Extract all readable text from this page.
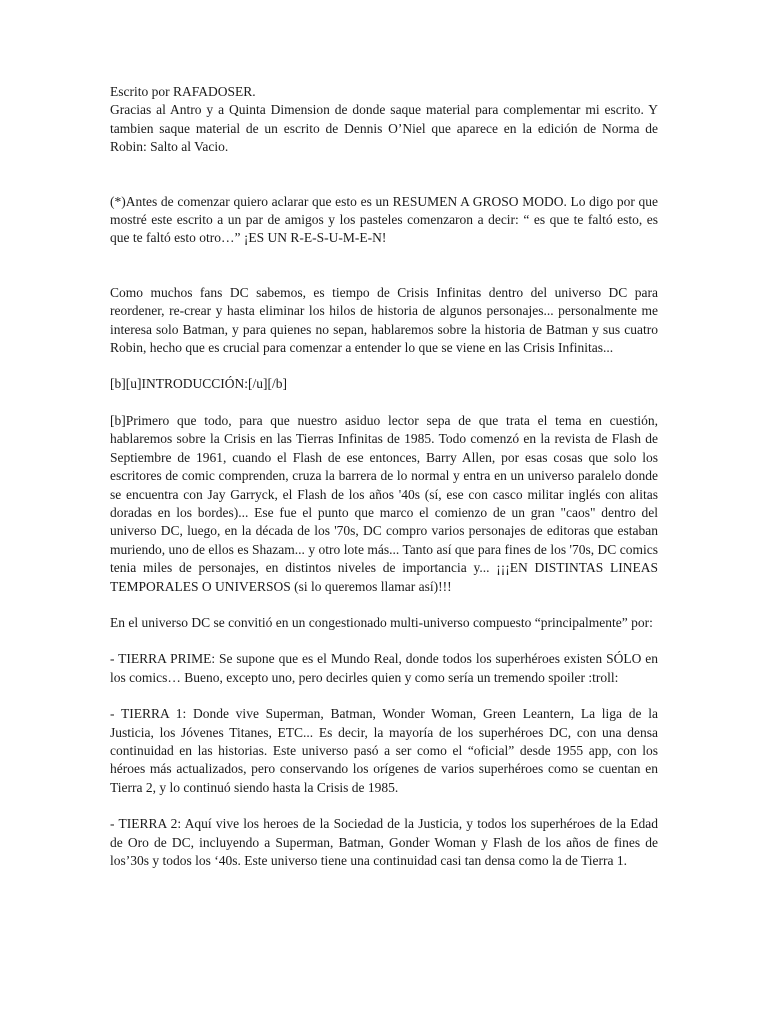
Escrito por RAFADOSER.

Gracias al Antro y a Quinta Dimension de donde saque material para complementar mi escrito. Y tambien saque material de un escrito de Dennis O’Niel que aparece en la edición de Norma de Robin: Salto al Vacio.

(*)Antes de comenzar quiero aclarar que esto es un RESUMEN A GROSO MODO. Lo digo por que mostré este escrito a un par de amigos y los pasteles comenzaron a decir: “ es que te faltó esto, es que te faltó esto otro…” ¡ES UN R-E-S-U-M-E-N!

Como muchos fans DC sabemos, es tiempo de Crisis Infinitas dentro del universo DC para reordener, re-crear y hasta eliminar los hilos de historia de algunos personajes... personalmente me interesa solo Batman, y para quienes no sepan, hablaremos sobre la historia de Batman y sus cuatro Robin, hecho que es crucial para comenzar a entender lo que se viene en las Crisis Infinitas...

[b][u]INTRODUCCIÓN:[/u][/b]

[b]Primero que todo, para que nuestro asiduo lector sepa de que trata el tema en cuestión, hablaremos sobre la Crisis en las Tierras Infinitas de 1985. Todo comenzó en la revista de Flash de Septiembre de 1961, cuando el Flash de ese entonces, Barry Allen, por esas cosas que solo los escritores de comic comprenden, cruza la barrera de lo normal y entra en un universo paralelo donde se encuentra con Jay Garryck, el Flash de los años '40s (sí, ese con casco militar inglés con alitas doradas en los bordes)... Ese fue el punto que marco el comienzo de un gran "caos" dentro del universo DC, luego, en la década de los '70s, DC compro varios personajes de editoras que estaban muriendo, uno de ellos es Shazam... y otro lote más... Tanto así que para fines de los '70s, DC comics tenia miles de personajes, en distintos niveles de importancia y... ¡¡¡EN DISTINTAS LINEAS TEMPORALES O UNIVERSOS (si lo queremos llamar así)!!!

En el universo DC se convitió en un congestionado multi-universo compuesto “principalmente” por:

- TIERRA PRIME: Se supone que es el Mundo Real, donde todos los superhéroes existen SÓLO en los comics… Bueno, excepto uno, pero decirles quien y como sería un tremendo spoiler :troll:

- TIERRA 1: Donde vive Superman, Batman, Wonder Woman, Green Leantern, La liga de la Justicia, los Jóvenes Titanes, ETC... Es decir, la mayoría de los superhéroes DC, con una densa continuidad en las historias. Este universo pasó a ser como el “oficial” desde 1955 app, con los héroes más actualizados, pero conservando los orígenes de varios superhéroes como se cuentan en Tierra 2, y lo continuó siendo hasta la Crisis de 1985.

- TIERRA 2: Aquí vive los heroes de la Sociedad de la Justicia, y todos los superhéroes de la Edad de Oro de DC, incluyendo a Superman, Batman, Gonder Woman y Flash de los años de fines de los’30s y todos los ‘40s. Este universo tiene una continuidad casi tan densa como la de Tierra 1.
